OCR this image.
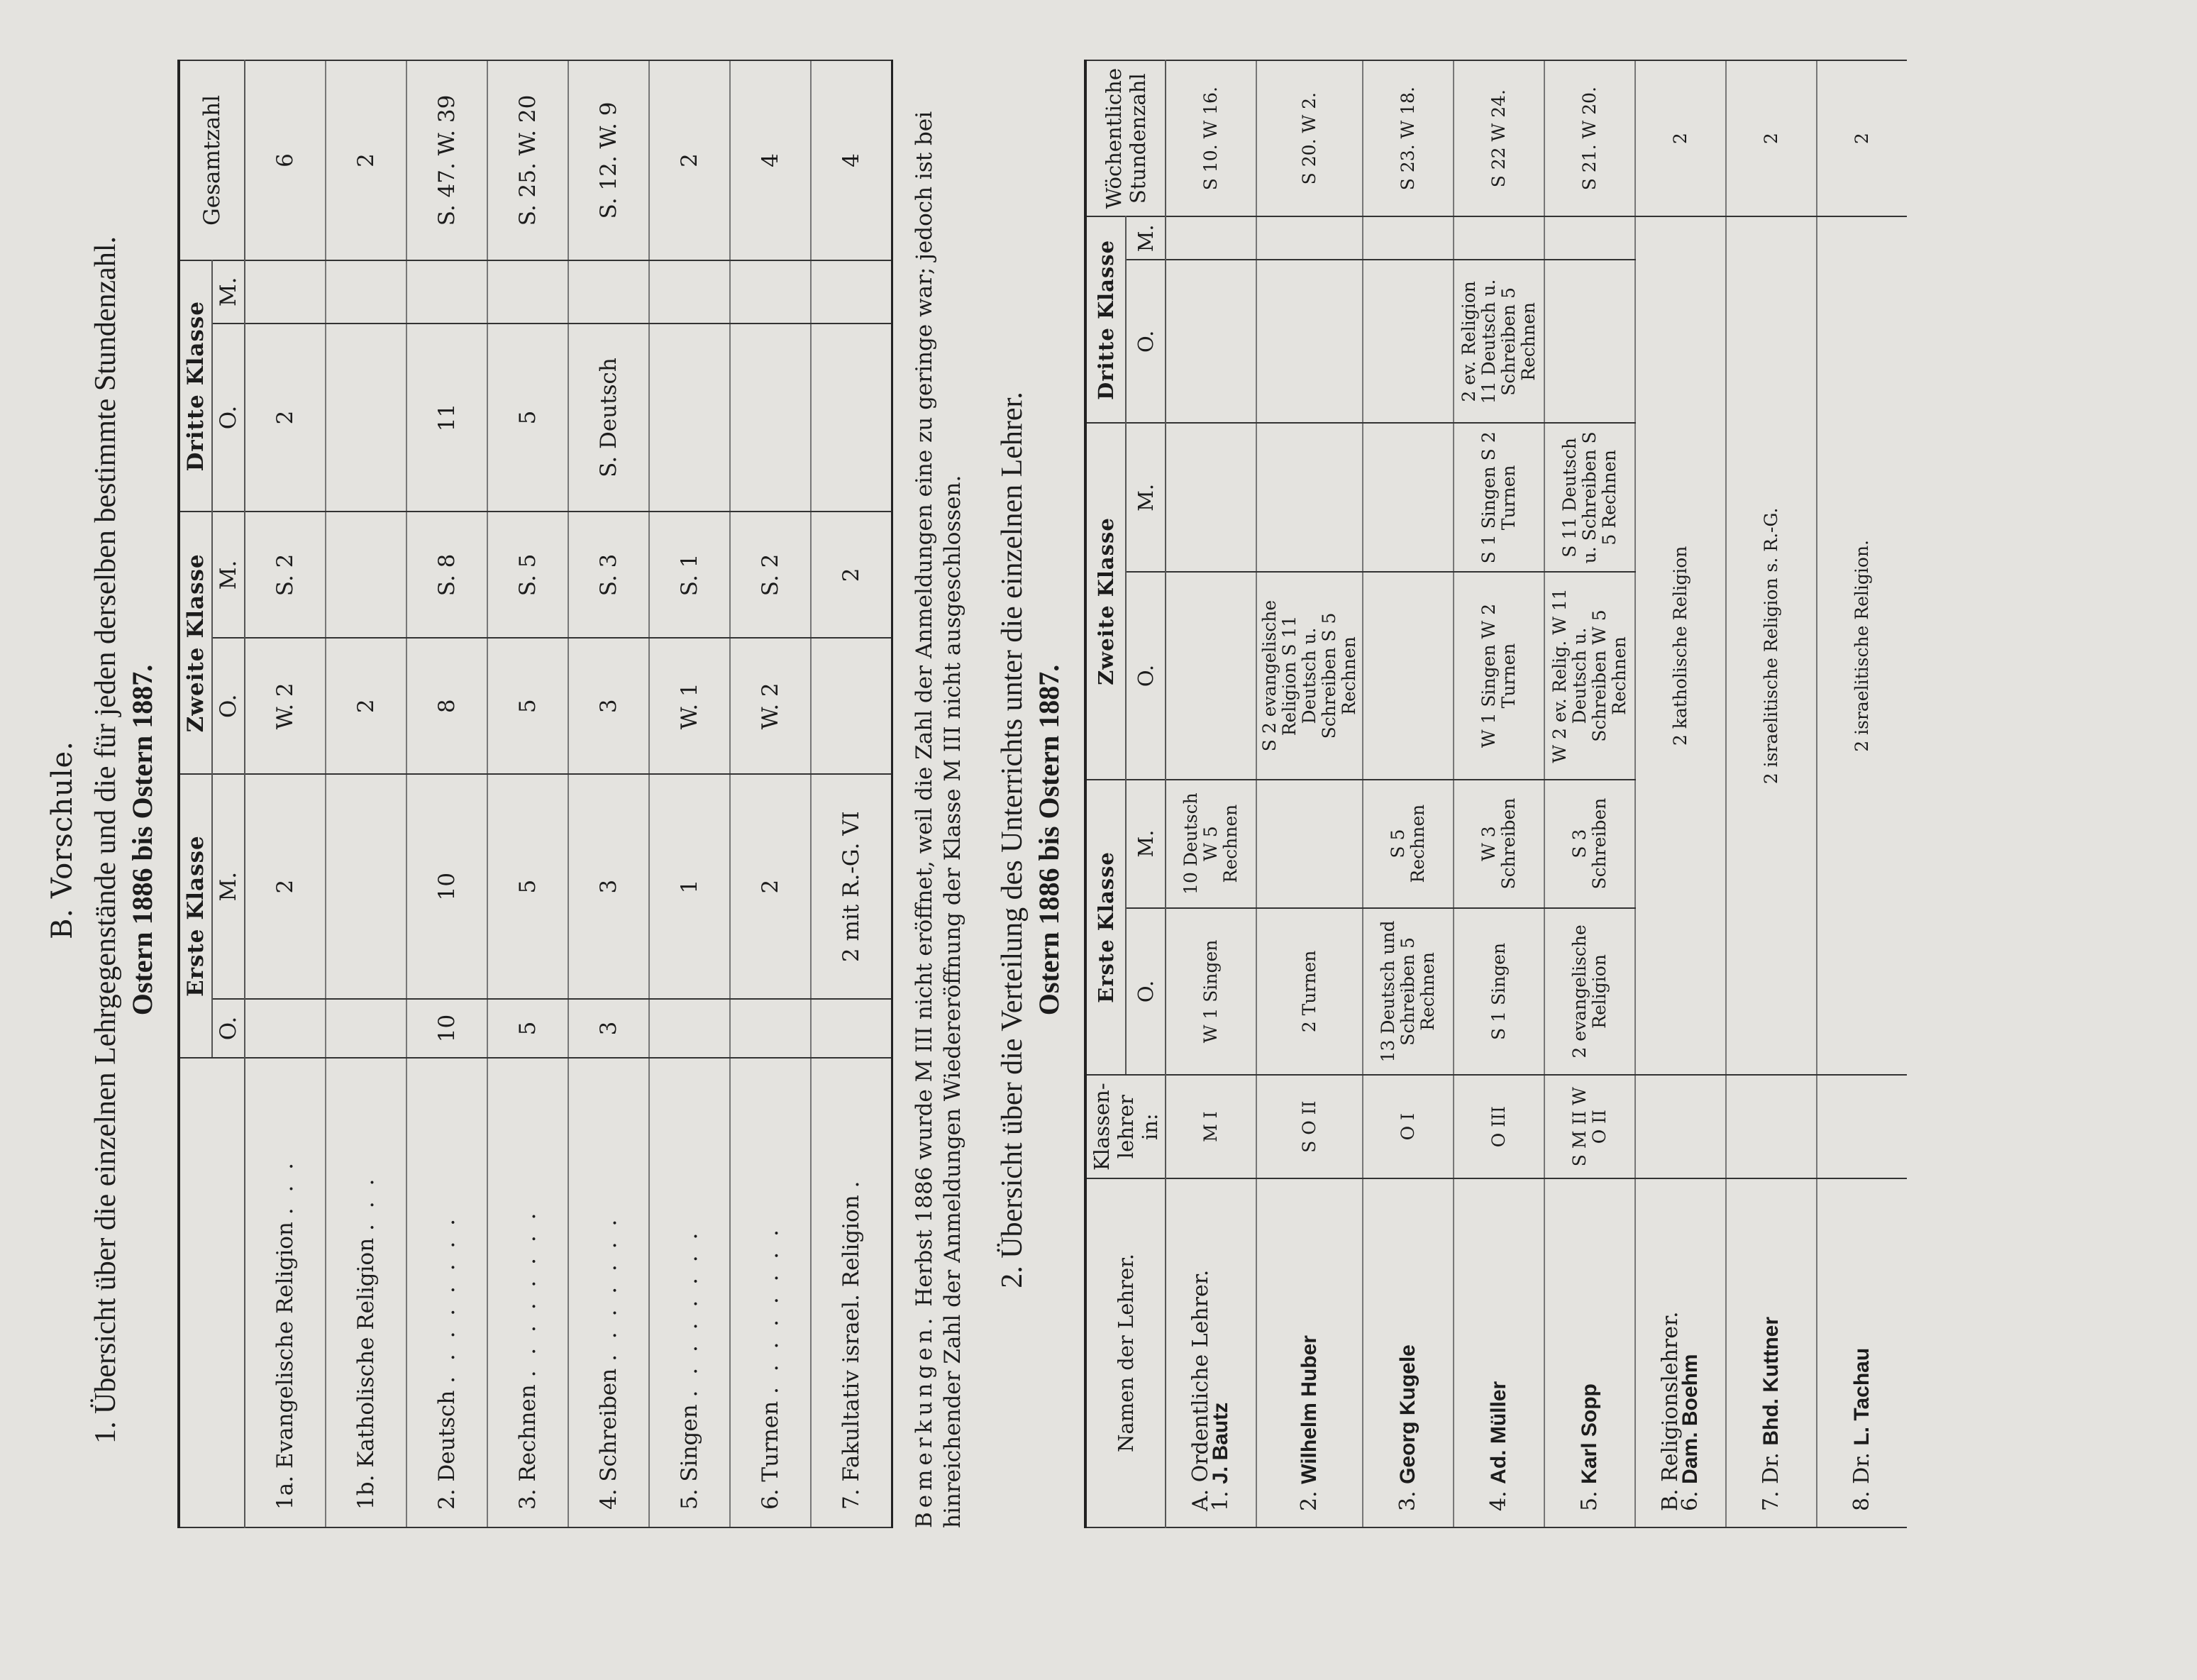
B. Vorschule. 1. Übersicht über die einzelnen Lehrgegenstände und die für jeden derselben bestimmte Stundenzahl. Ostern 1886 bis Ostern 1887.
	Erste Klasse		Zweite Klasse		Dritte Klasse		Gesamtzahl
	O.	M.	O.	M.	O.	M.	
1a. Evangelische Religion . . .		2	W. 2	S. 2	2		6
1b. Katholische Religion . . .			2				2
2. Deutsch . . . . . . . .	10	10	8	S. 8	11		S. 47. W. 39
3. Rechnen . . . . . . . .	5	5	5	S. 5	5		S. 25. W. 20
4. Schreiben . . . . . . .	3	3	3	S. 3	S. Deutsch		S. 12. W. 9
5. Singen . . . . . . . .		1	W. 1	S. 1			2
6. Turnen . . . . . . . .		2	W. 2	S. 2			4
7. Fakultativ israel. Religion .		2 mit R.-G. VI		2			4
Bemerkungen. Herbst 1886 wurde M III nicht eröffnet, weil die Zahl der Anmeldungen eine zu geringe war; jedoch ist bei hinreichender Zahl der Anmeldungen Wiedereröffnung der Klasse M III nicht ausgeschlossen. 2. Übersicht über die Verteilung des Unterrichts unter die einzelnen Lehrer. Ostern 1886 bis Ostern 1887.
Namen der Lehrer.	Klassen-lehrer in:	Erste Klasse		Zweite Klasse		Dritte Klasse		Wöchentliche Stundenzahl
		O.	M.	O.	M.	O.	M.	
A. Ordentliche Lehrer.
1. J. Bautz	M I	W 1 Singen	10 Deutsch W 5 Rechnen					S 10. W 16.
2. Wilhelm Huber	S O II	2 Turnen		S 2 evangelische Religion S 11 Deutsch u. Schreiben S 5 Rechnen				S 20. W 2.
3. Georg Kugele	O I	13 Deutsch und Schreiben 5 Rechnen	S 5 Rechnen					S 23. W 18.
4. Ad. Müller	O III	S 1 Singen	W 3 Schreiben	W 1 Singen W 2 Turnen	S 1 Singen S 2 Turnen	2 ev. Religion 11 Deutsch u. Schreiben 5 Rechnen		S 22 W 24.
5. Karl Sopp	S M II W O II	2 evangelische Religion	S 3 Schreiben	W 2 ev. Relig. W 11 Deutsch u. Schreiben W 5 Rechnen	S 11 Deutsch u. Schreiben S 5 Rechnen			S 21. W 20.
B. Religionslehrer.
6. Dam. Boehm		2 katholische Religion						2
7. Dr. Bhd. Kuttner		2 israelitische Religion s. R.-G.						2
8. Dr. L. Tachau		2 israelitische Religion.						2
